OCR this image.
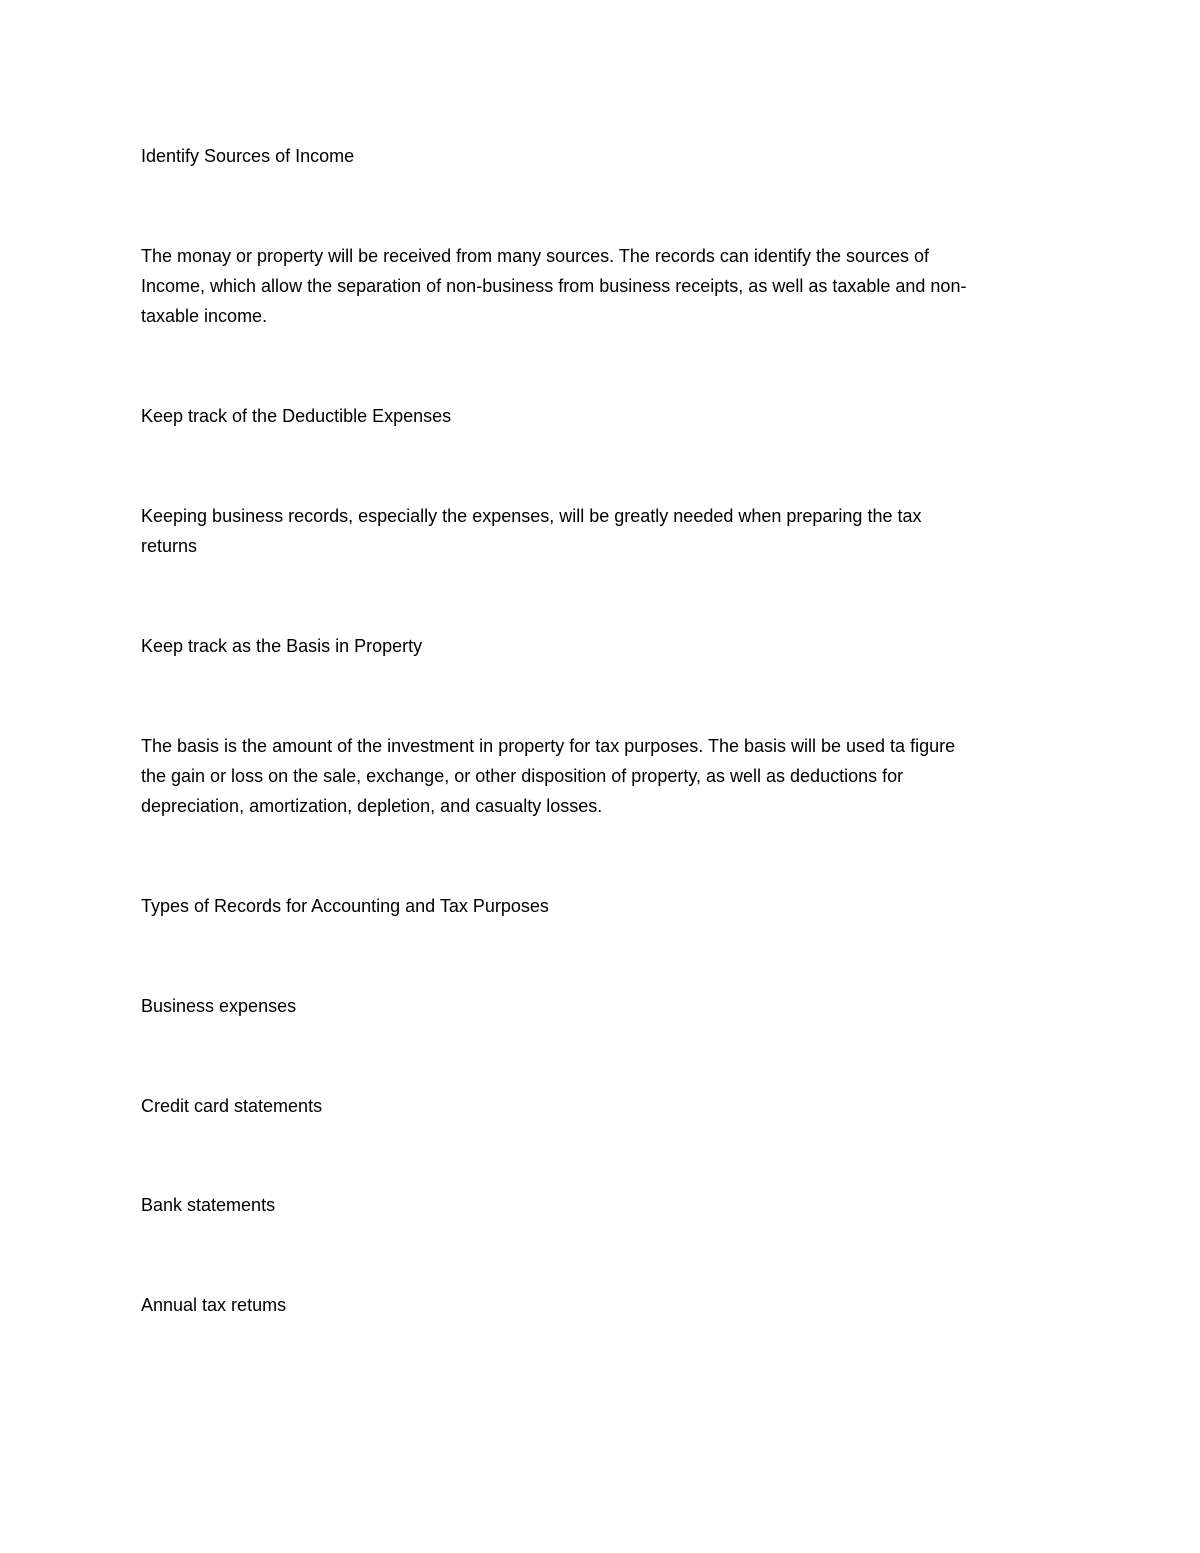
Identify Sources of Income

The monay or property will be received from many sources. The records can identify the sources of
Income, which allow the separation of non-business from business receipts, as well as taxable and non-
taxable income.

Keep track of the Deductible Expenses

Keeping business records, especially the expenses, will be greatly needed when preparing the tax
returns

Keep track as the Basis in Property

The basis is the amount of the investment in property for tax purposes. The basis will be used ta figure
the gain or loss on the sale, exchange, or other disposition of property, as well as deductions for
depreciation, amortization, depletion, and casualty losses.

Types of Records for Accounting and Tax Purposes

Business expenses

Credit card statements

Bank statements

Annual tax retums
